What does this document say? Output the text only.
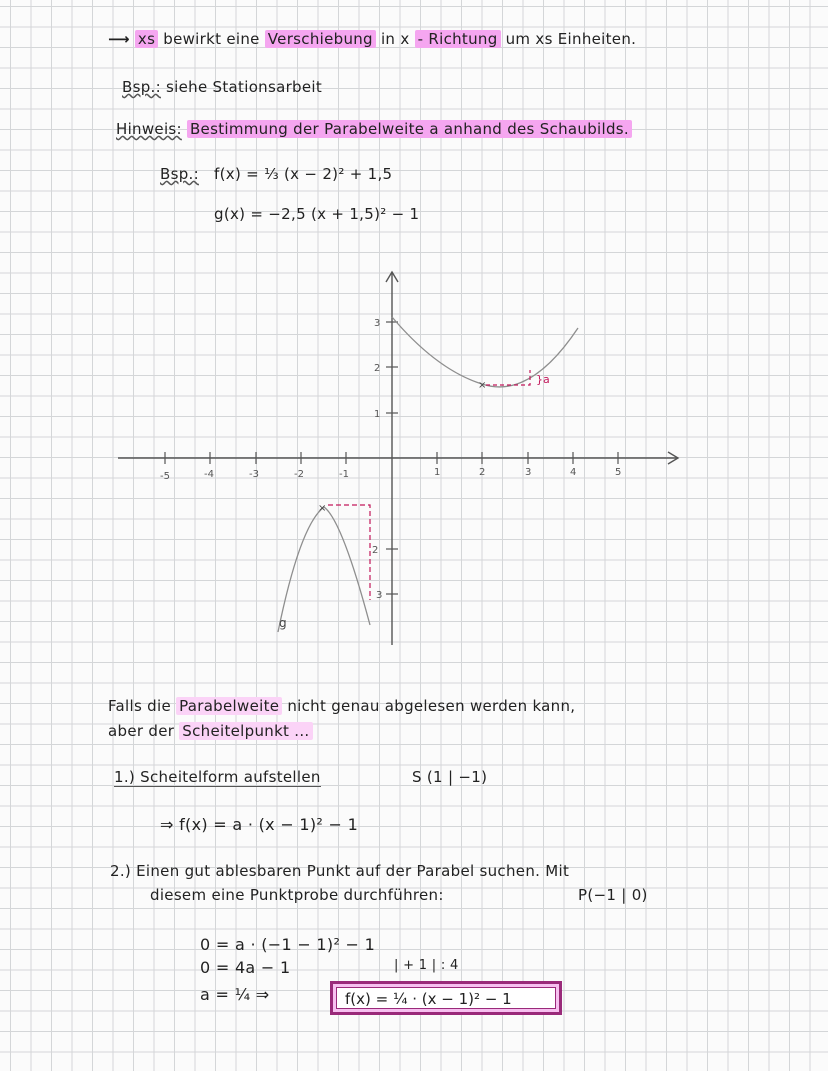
⟶ xs bewirkt eine Verschiebung in x - Richtung um xs Einheiten.
Bsp.: siehe Stationsarbeit
Hinweis: Bestimmung der Parabelweite a anhand des Schaubilds.
Bsp.: f(x) = ⅓ (x − 2)² + 1,5
g(x) = −2,5 (x + 1,5)² − 1
-5	-4	-3	-2	-1	1	2	3	4	5
3
2
1
2
3
×	}a
×
g
Falls die Parabelweite nicht genau abgelesen werden kann,
aber der Scheitelpunkt ...
1.) Scheitelform aufstellen	S (1 | −1)
⇒ f(x) = a · (x − 1)² − 1
2.) Einen gut ablesbaren Punkt auf der Parabel suchen. Mit
diesem eine Punktprobe durchführen:	P(−1 | 0)
0 = a · (−1 − 1)² − 1
0 = 4a − 1	| + 1 | : 4
a = ¼ ⇒	f(x) = ¼ · (x − 1)² − 1
